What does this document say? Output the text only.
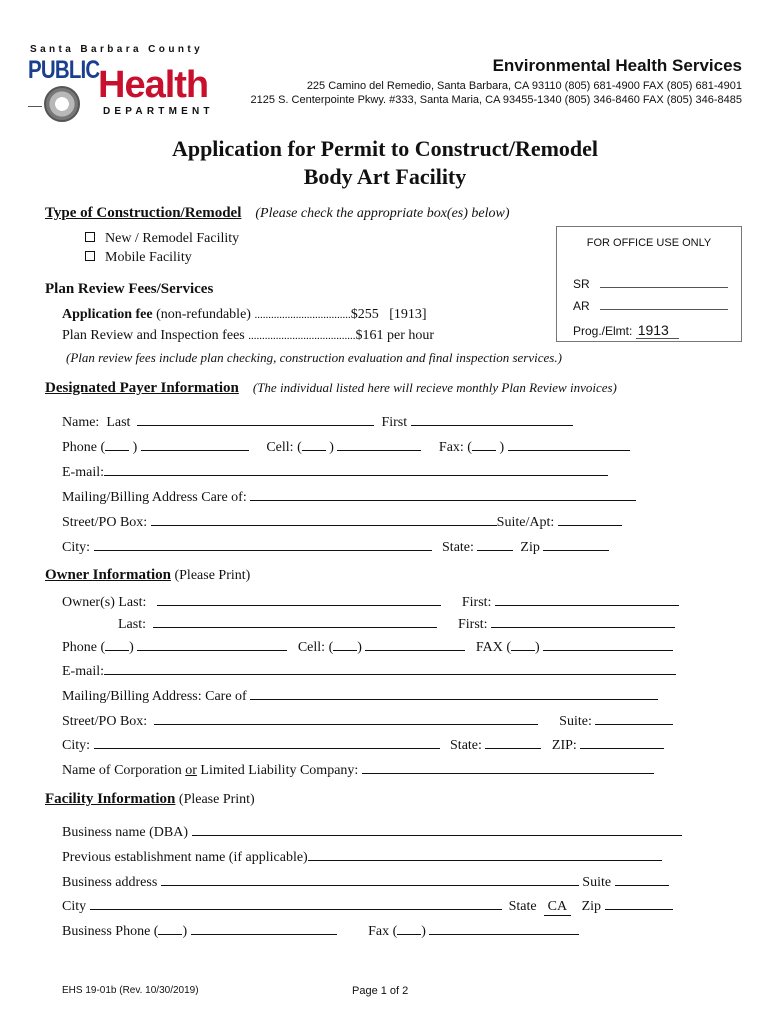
Santa Barbara County
PUBLIC
Health
DEPARTMENT
Environmental Health Services
225 Camino del Remedio, Santa Barbara, CA 93110 (805) 681-4900 FAX (805) 681-4901
2125 S. Centerpointe Pkwy. #333, Santa Maria, CA 93455-1340 (805) 346-8460 FAX (805) 346-8485
Application for Permit to Construct/Remodel
Body Art Facility
Type of Construction/Remodel (Please check the appropriate box(es) below)
New / Remodel Facility
Mobile Facility
FOR OFFICE USE ONLY
SR
AR
Prog./Elmt: 1913
Plan Review Fees/Services
Application fee (non-refundable) ...................................$255 [1913]
Plan Review and Inspection fees .......................................$161 per hour
(Plan review fees include plan checking, construction evaluation and final inspection services.)
Designated Payer Information (The individual listed here will recieve monthly Plan Review invoices)
Name: Last	First
Phone ( )	Cell: ( )	Fax: ( )
E-mail:
Mailing/Billing Address Care of:
Street/PO Box:	Suite/Apt:
City:	State:	Zip
Owner Information (Please Print)
Owner(s) Last:	First:
Last:	First:
Phone ( )	Cell: ( )	FAX ( )
E-mail:
Mailing/Billing Address: Care of
Street/PO Box:	Suite:
City:	State:	ZIP:
Name of Corporation or Limited Liability Company:
Facility Information (Please Print)
Business name (DBA)
Previous establishment name (if applicable)
Business address	Suite
City	State CA Zip
Business Phone ( )	Fax ( )
EHS 19-01b (Rev. 10/30/2019)	Page 1 of 2
